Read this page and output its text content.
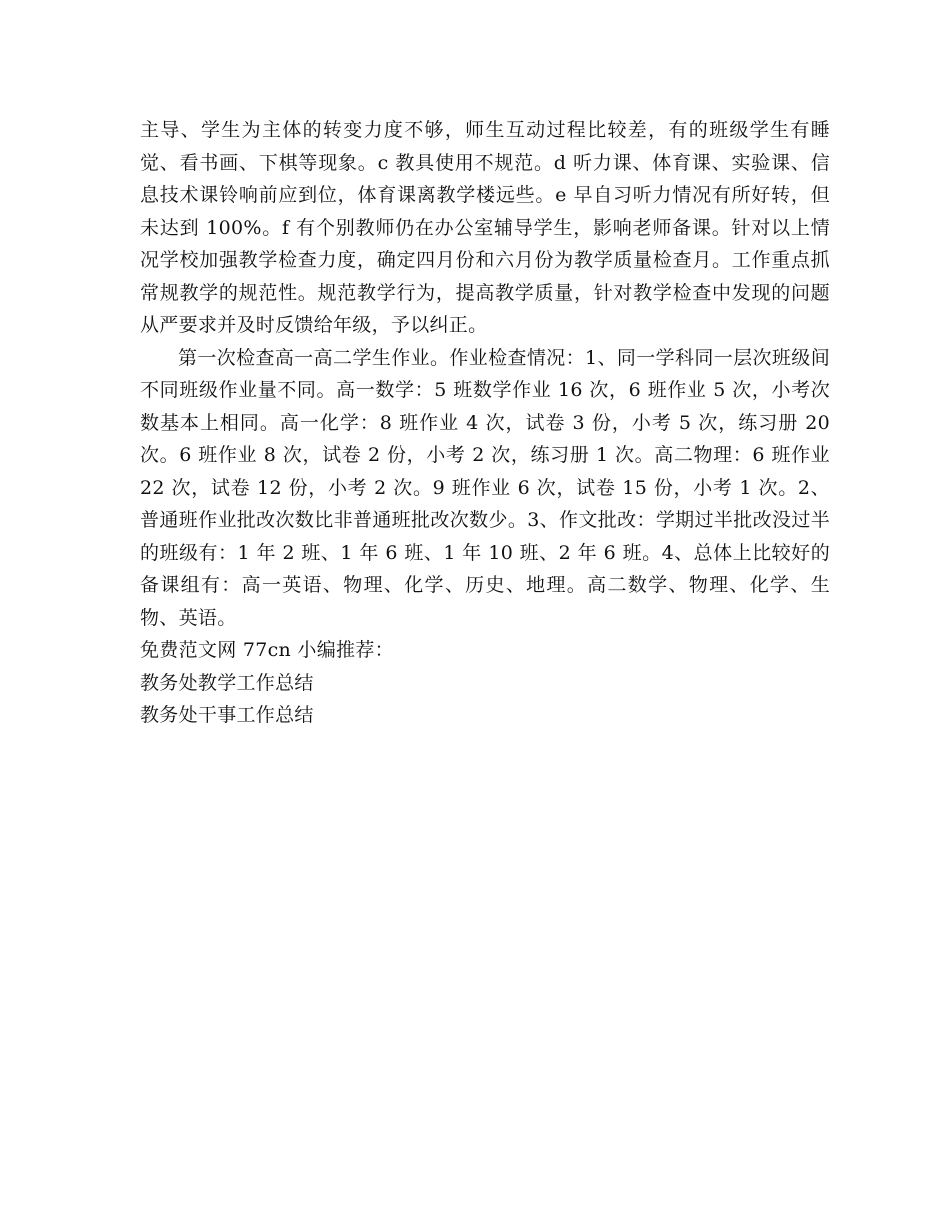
主导、学生为主体的转变力度不够，师生互动过程比较差，有的班级学生有睡觉、看书画、下棋等现象。c 教具使用不规范。d 听力课、体育课、实验课、信息技术课铃响前应到位，体育课离教学楼远些。e 早自习听力情况有所好转，但未达到 100%。f 有个别教师仍在办公室辅导学生，影响老师备课。针对以上情况学校加强教学检查力度，确定四月份和六月份为教学质量检查月。工作重点抓常规教学的规范性。规范教学行为，提高教学质量，针对教学检查中发现的问题从严要求并及时反馈给年级，予以纠正。

第一次检查高一高二学生作业。作业检查情况：1、同一学科同一层次班级间不同班级作业量不同。高一数学：5 班数学作业 16 次，6 班作业 5 次，小考次数基本上相同。高一化学：8 班作业 4 次，试卷 3 份，小考 5 次，练习册 20 次。6 班作业 8 次，试卷 2 份，小考 2 次，练习册 1 次。高二物理：6 班作业 22 次，试卷 12 份，小考 2 次。9 班作业 6 次，试卷 15 份，小考 1 次。2、普通班作业批改次数比非普通班批改次数少。3、作文批改：学期过半批改没过半的班级有：1 年 2 班、1 年 6 班、1 年 10 班、2 年 6 班。4、总体上比较好的备课组有：高一英语、物理、化学、历史、地理。高二数学、物理、化学、生物、英语。

免费范文网 77cn 小编推荐：

教务处教学工作总结

教务处干事工作总结
